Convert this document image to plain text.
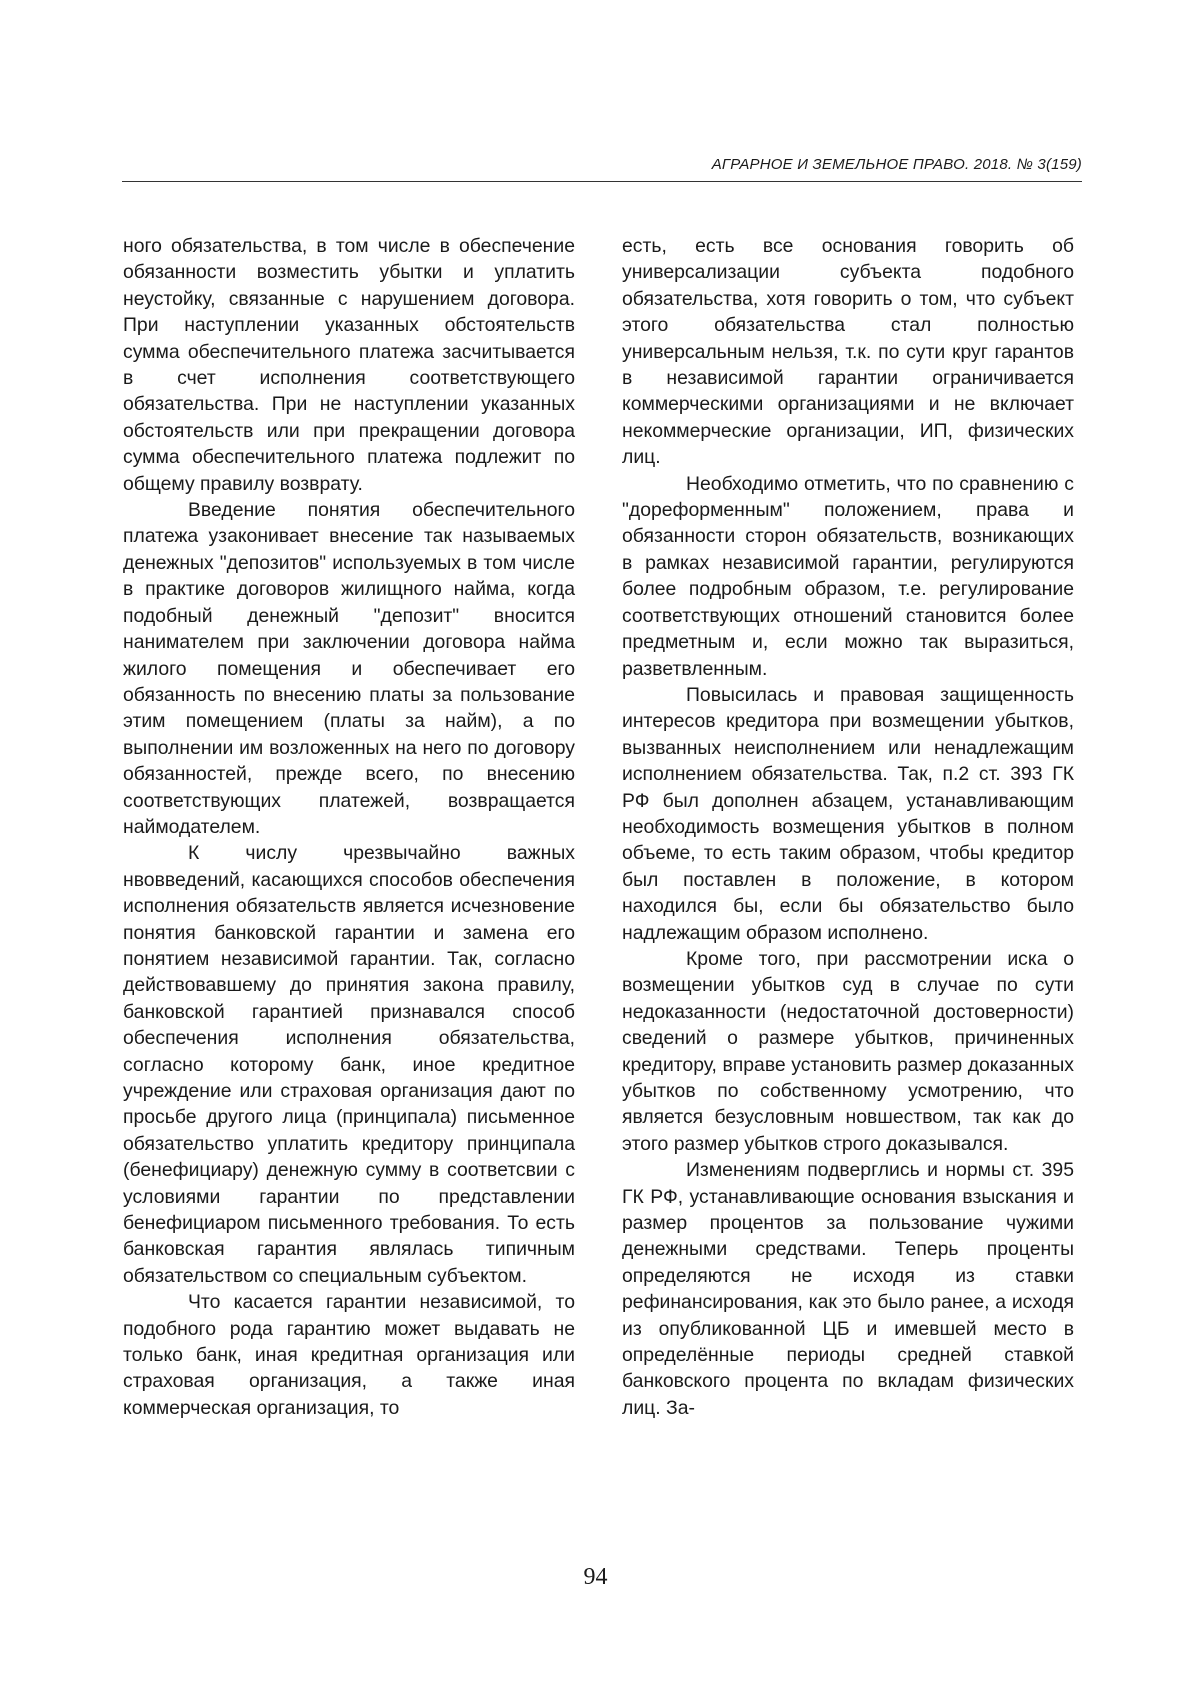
АГРАРНОЕ И ЗЕМЕЛЬНОЕ ПРАВО. 2018. № 3(159)

ного обязательства, в том числе в обеспечение обязанности возместить убытки и уплатить неустойку, связанные с нарушением договора. При наступлении указанных обстоятельств сумма обеспечительного платежа засчитывается в счет исполнения соответствующего обязательства. При не наступлении указанных обстоятельств или при прекращении договора сумма обеспечительного платежа подлежит по общему правилу возврату.

Введение понятия обеспечительного платежа узаконивает внесение так называемых денежных "депозитов" используемых в том числе в практике договоров жилищного найма, когда подобный денежный "депозит" вносится нанимателем при заключении договора найма жилого помещения и обеспечивает его обязанность по внесению платы за пользование этим помещением (платы за найм), а по выполнении им возложенных на него по договору обязанностей, прежде всего, по внесению соответствующих платежей, возвращается наймодателем.

К числу чрезвычайно важных нвовведений, касающихся способов обеспечения исполнения обязательств является исчезновение понятия банковской гарантии и замена его понятием независимой гарантии. Так, согласно действовавшему до принятия закона правилу, банковской гарантией признавался способ обеспечения исполнения обязательства, согласно которому банк, иное кредитное учреждение или страховая организация дают по просьбе другого лица (принципала) письменное обязательство уплатить кредитору принципала (бенефициару) денежную сумму в соответсвии с условиями гарантии по представлении бенефициаром письменного требования. То есть банковская гарантия являлась типичным обязательством со специальным субъектом.

Что касается гарантии независимой, то подобного рода гарантию может выдавать не только банк, иная кредитная организация или страховая организация, а также иная коммерческая организация, то

есть, есть все основания говорить об универсализации субъекта подобного обязательства, хотя говорить о том, что субъект этого обязательства стал полностью универсальным нельзя, т.к. по сути круг гарантов в независимой гарантии ограничивается коммерческими организациями и не включает некоммерческие организации, ИП, физических лиц.

Необходимо отметить, что по сравнению с "дореформенным" положением, права и обязанности сторон обязательств, возникающих в рамках независимой гарантии, регулируются более подробным образом, т.е. регулирование соответствующих отношений становится более предметным и, если можно так выразиться, разветвленным.

Повысилась и правовая защищенность интересов кредитора при возмещении убытков, вызванных неисполнением или ненадлежащим исполнением обязательства. Так, п.2 ст. 393 ГК РФ был дополнен абзацем, устанавливающим необходимость возмещения убытков в полном объеме, то есть таким образом, чтобы кредитор был поставлен в положение, в котором находился бы, если бы обязательство было надлежащим образом исполнено.

Кроме того, при рассмотрении иска о возмещении убытков суд в случае по сути недоказанности (недостаточной достоверности) сведений о размере убытков, причиненных кредитору, вправе установить размер доказанных убытков по собственному усмотрению, что является безусловным новшеством, так как до этого размер убытков строго доказывался.

Изменениям подверглись и нормы ст. 395 ГК РФ, устанавливающие основания взыскания и размер процентов за пользование чужими денежными средствами. Теперь проценты определяются не исходя из ставки рефинансирования, как это было ранее, а исходя из опубликованной ЦБ и имевшей место в определённые периоды средней ставкой банковского процента по вкладам физических лиц. За-

94
